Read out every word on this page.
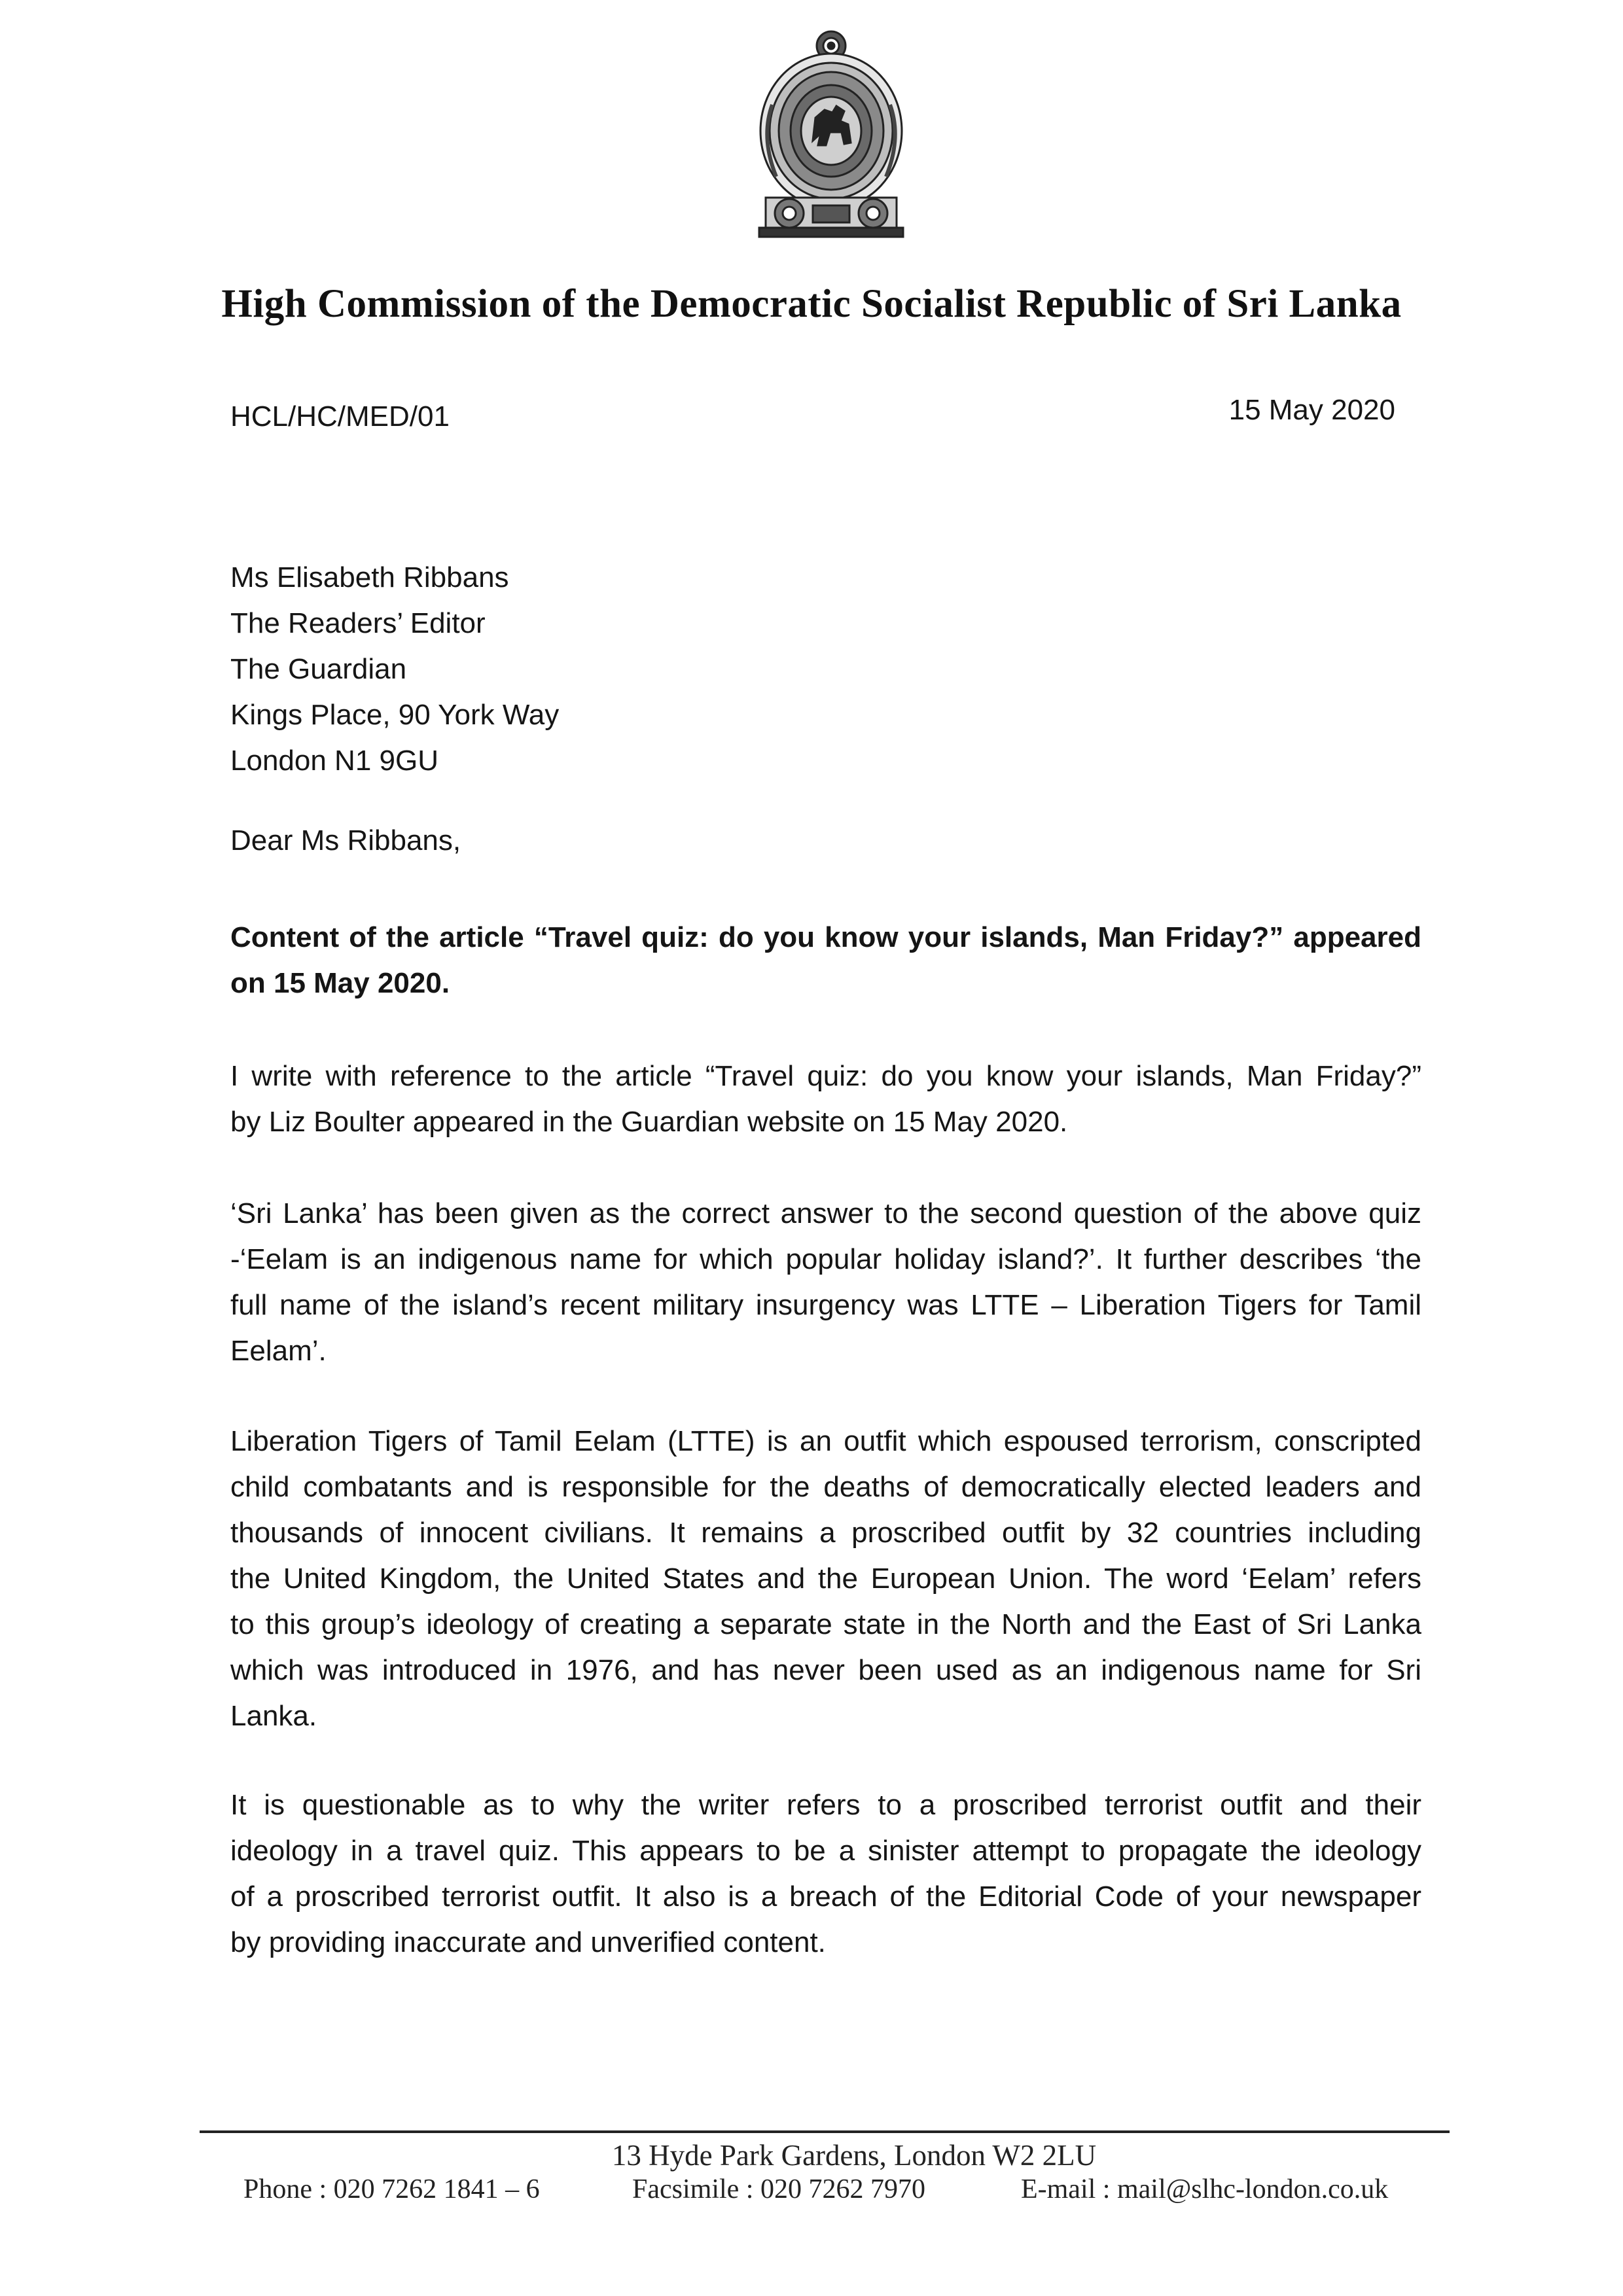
High Commission of the Democratic Socialist Republic of Sri Lanka
HCL/HC/MED/01	15 May 2020
Ms Elisabeth Ribbans
The Readers’ Editor
The Guardian
Kings Place, 90 York Way
London N1 9GU
Dear Ms Ribbans,
Content of the article “Travel quiz: do you know your islands, Man Friday?” appeared
on 15 May 2020.
I write with reference to the article “Travel quiz: do you know your islands, Man Friday?”
by Liz Boulter appeared in the Guardian website on 15 May 2020.
‘Sri Lanka’ has been given as the correct answer to the second question of the above quiz
-‘Eelam is an indigenous name for which popular holiday island?’. It further describes ‘the
full name of the island’s recent military insurgency was LTTE – Liberation Tigers for Tamil
Eelam’.
Liberation Tigers of Tamil Eelam (LTTE) is an outfit which espoused terrorism, conscripted
child combatants and is responsible for the deaths of democratically elected leaders and
thousands of innocent civilians. It remains a proscribed outfit by 32 countries including
the United Kingdom, the United States and the European Union. The word ‘Eelam’ refers
to this group’s ideology of creating a separate state in the North and the East of Sri Lanka
which was introduced in 1976, and has never been used as an indigenous name for Sri
Lanka.
It is questionable as to why the writer refers to a proscribed terrorist outfit and their
ideology in a travel quiz. This appears to be a sinister attempt to propagate the ideology
of a proscribed terrorist outfit. It also is a breach of the Editorial Code of your newspaper
by providing inaccurate and unverified content.
13 Hyde Park Gardens, London W2 2LU
Phone : 020 7262 1841 – 6	Facsimile : 020 7262 7970	E-mail : mail@slhc-london.co.uk
